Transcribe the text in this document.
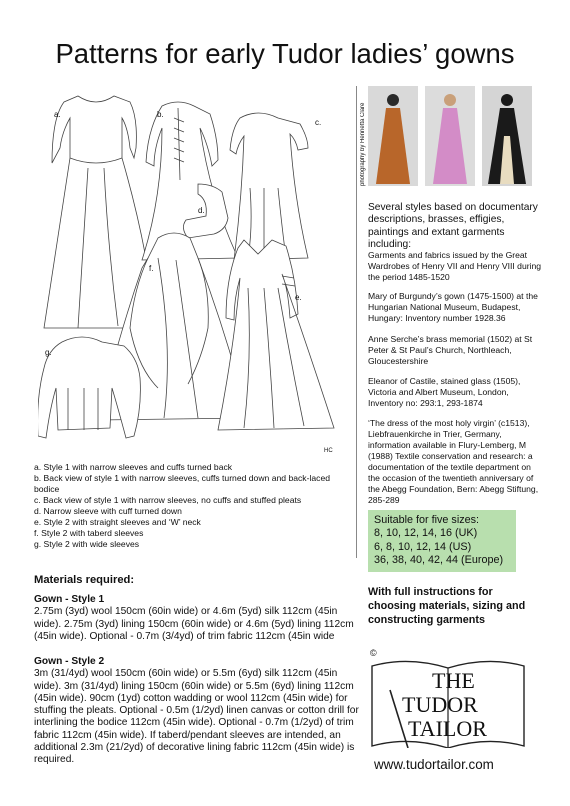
Patterns for early Tudor ladies’ gowns
a.	b.
c.
d.
e.
f.
g.
HC
a. Style 1 with narrow sleeves and cuffs turned back
b. Back view of style 1 with narrow sleeves, cuffs turned down and back-laced bodice
c. Back view of style 1 with narrow sleeves, no cuffs and stuffed pleats
d. Narrow sleeve with cuff turned down
e. Style 2 with straight sleeves and ‘W’ neck
f. Style 2 with taberd sleeves
g. Style 2 with wide sleeves
Materials required:
Gown - Style 1
2.75m (3yd) wool 150cm (60in wide) or 4.6m (5yd) silk 112cm (45in wide). 2.75m (3yd) lining 150cm (60in wide) or 4.6m (5yd) lining 112cm (45in wide). Optional - 0.7m (3/4yd) of trim fabric 112cm (45in wide
Gown - Style 2
3m (31/4yd) wool 150cm (60in wide) or 5.5m (6yd) silk 112cm (45in wide). 3m (31/4yd) lining 150cm (60in wide) or 5.5m (6yd) lining 112cm (45in wide). 90cm (1yd) cotton wadding or wool 112cm (45in wide) for stuffing the pleats. Optional - 0.5m (1/2yd) linen canvas or cotton drill for interlining the bodice 112cm (45in wide). Optional - 0.7m (1/2yd) of trim fabric 112cm (45in wide). If taberd/pendant sleeves are intended, an additional 2.3m (21/2yd) of decorative lining fabric 112cm (45in wide) is required.
photography by Henrietta Clare
Several styles based on documentary descriptions, brasses, effigies, paintings and extant garments including:
Garments and fabrics issued by the Great Wardrobes of Henry VII and Henry VIII during the period 1485-1520
Mary of Burgundy’s gown (1475-1500) at the Hungarian National Museum, Budapest, Hungary: Inventory number 1928.36
Anne Serche’s brass memorial (1502) at St Peter & St Paul’s Church, Northleach, Gloucestershire
Eleanor of Castile, stained glass (1505), Victoria and Albert Museum, London, Inventory no: 293:1, 293-1874
‘The dress of the most holy virgin’ (c1513), Liebfrauenkirche in Trier, Germany, information available in Flury-Lemberg, M (1988) Textile conservation and research: a documentation of the textile department on the occasion of the twentieth anniversary of the Abegg Foundation, Bern: Abegg Stiftung, 285-289
Suitable for five sizes:
8, 10, 12, 14, 16 (UK)
6, 8, 10, 12, 14 (US)
36, 38, 40, 42, 44 (Europe)
With full instructions for choosing materials, sizing and constructing garments
©
THE
TUDOR
TAILOR
www.tudortailor.com
